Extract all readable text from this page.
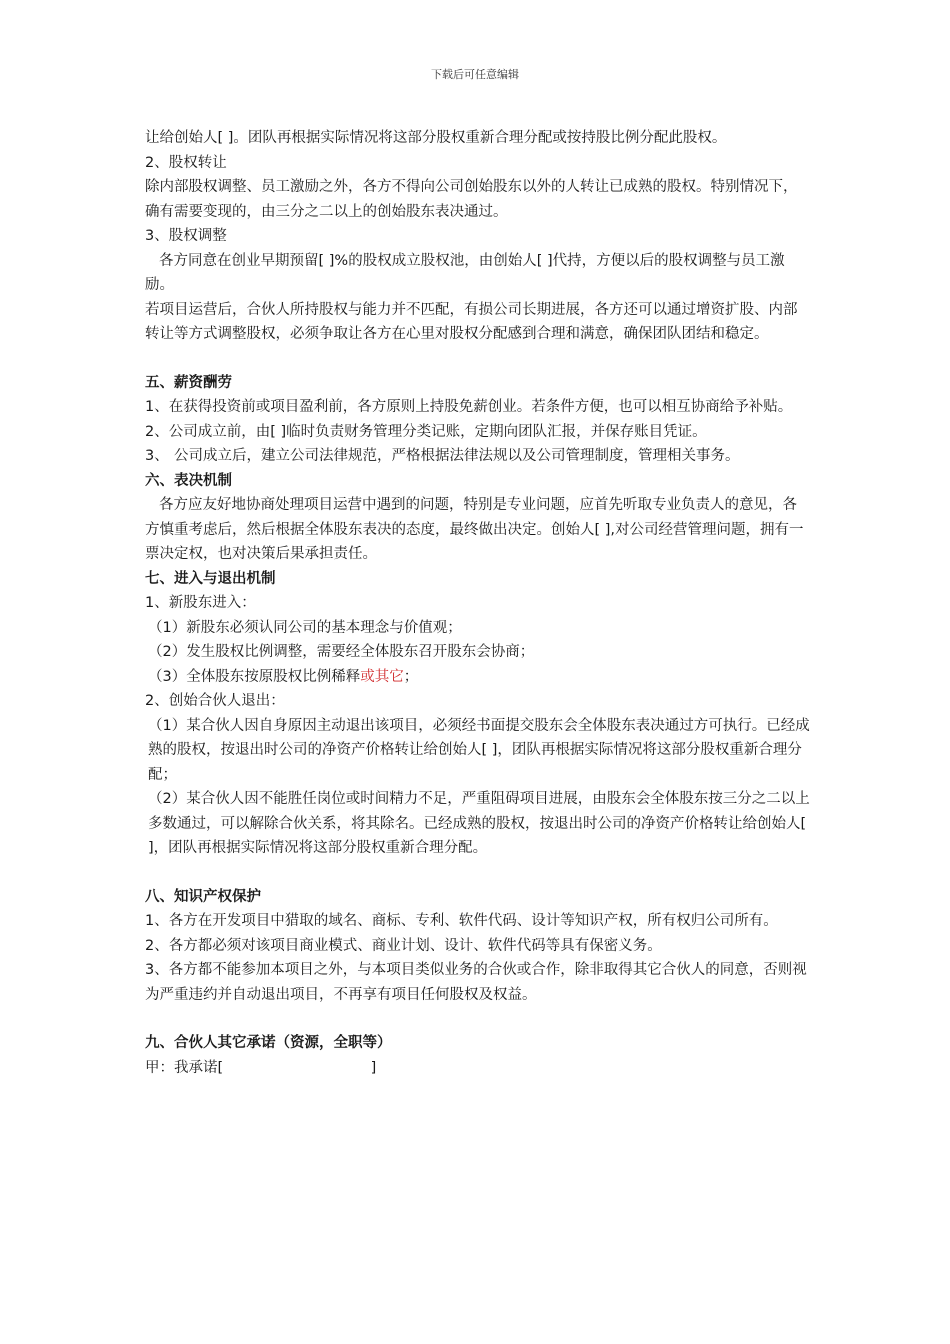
下载后可任意编辑

让给创始人[ ]。团队再根据实际情况将这部分股权重新合理分配或按持股比例分配此股权。

2、股权转让

除内部股权调整、员工激励之外，各方不得向公司创始股东以外的人转让已成熟的股权。特别情况下，确有需要变现的，由三分之二以上的创始股东表决通过。

3、股权调整

各方同意在创业早期预留[ ]%的股权成立股权池，由创始人[ ]代持，方便以后的股权调整与员工激励。

若项目运营后，合伙人所持股权与能力并不匹配，有损公司长期进展，各方还可以通过增资扩股、内部转让等方式调整股权，必须争取让各方在心里对股权分配感到合理和满意，确保团队团结和稳定。

五、薪资酬劳

1、在获得投资前或项目盈利前，各方原则上持股免薪创业。若条件方便，也可以相互协商给予补贴。

2、公司成立前，由[ ]临时负责财务管理分类记账，定期向团队汇报，并保存账目凭证。

3、 公司成立后，建立公司法律规范，严格根据法律法规以及公司管理制度，管理相关事务。

六、表决机制

各方应友好地协商处理项目运营中遇到的问题，特别是专业问题，应首先听取专业负责人的意见，各方慎重考虑后，然后根据全体股东表决的态度，最终做出决定。创始人[ ],对公司经营管理问题，拥有一票决定权，也对决策后果承担责任。

七、进入与退出机制

1、新股东进入：

（1）新股东必须认同公司的基本理念与价值观；

（2）发生股权比例调整，需要经全体股东召开股东会协商；

（3）全体股东按原股权比例稀释或其它；

2、创始合伙人退出：

（1）某合伙人因自身原因主动退出该项目，必须经书面提交股东会全体股东表决通过方可执行。已经成熟的股权，按退出时公司的净资产价格转让给创始人[ ]，团队再根据实际情况将这部分股权重新合理分配；

（2）某合伙人因不能胜任岗位或时间精力不足，严重阻碍项目进展，由股东会全体股东按三分之二以上多数通过，可以解除合伙关系，将其除名。已经成熟的股权，按退出时公司的净资产价格转让给创始人[ ]，团队再根据实际情况将这部分股权重新合理分配。

八、知识产权保护

1、各方在开发项目中猎取的域名、商标、专利、软件代码、设计等知识产权，所有权归公司所有。

2、各方都必须对该项目商业模式、商业计划、设计、软件代码等具有保密义务。

3、各方都不能参加本项目之外，与本项目类似业务的合伙或合作，除非取得其它合伙人的同意，否则视为严重违约并自动退出项目，不再享有项目任何股权及权益。

九、合伙人其它承诺（资源，全职等）

甲：我承诺[                                ]
